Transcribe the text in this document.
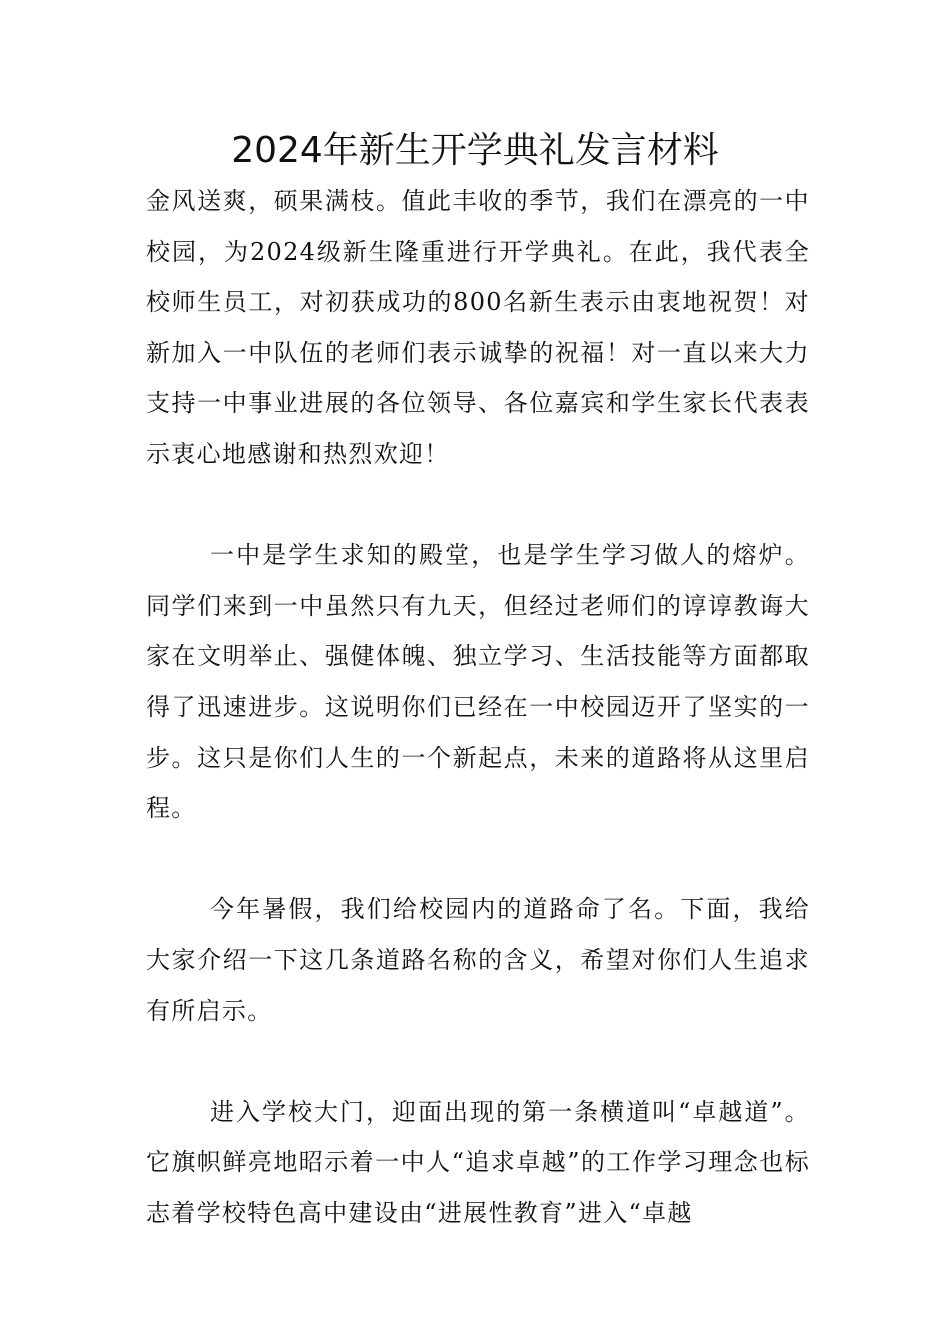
2024年新生开学典礼发言材料

金风送爽，硕果满枝。值此丰收的季节，我们在漂亮的一中校园，为2024级新生隆重进行开学典礼。在此，我代表全校师生员工，对初获成功的800名新生表示由衷地祝贺！对新加入一中队伍的老师们表示诚挚的祝福！对一直以来大力支持一中事业进展的各位领导、各位嘉宾和学生家长代表表示衷心地感谢和热烈欢迎！

一中是学生求知的殿堂，也是学生学习做人的熔炉。同学们来到一中虽然只有九天，但经过老师们的谆谆教诲大家在文明举止、强健体魄、独立学习、生活技能等方面都取得了迅速进步。这说明你们已经在一中校园迈开了坚实的一步。这只是你们人生的一个新起点，未来的道路将从这里启程。

今年暑假，我们给校园内的道路命了名。下面，我给大家介绍一下这几条道路名称的含义，希望对你们人生追求有所启示。

进入学校大门，迎面出现的第一条横道叫“卓越道”。它旗帜鲜亮地昭示着一中人“追求卓越”的工作学习理念也标志着学校特色高中建设由“进展性教育”进入“卓越
